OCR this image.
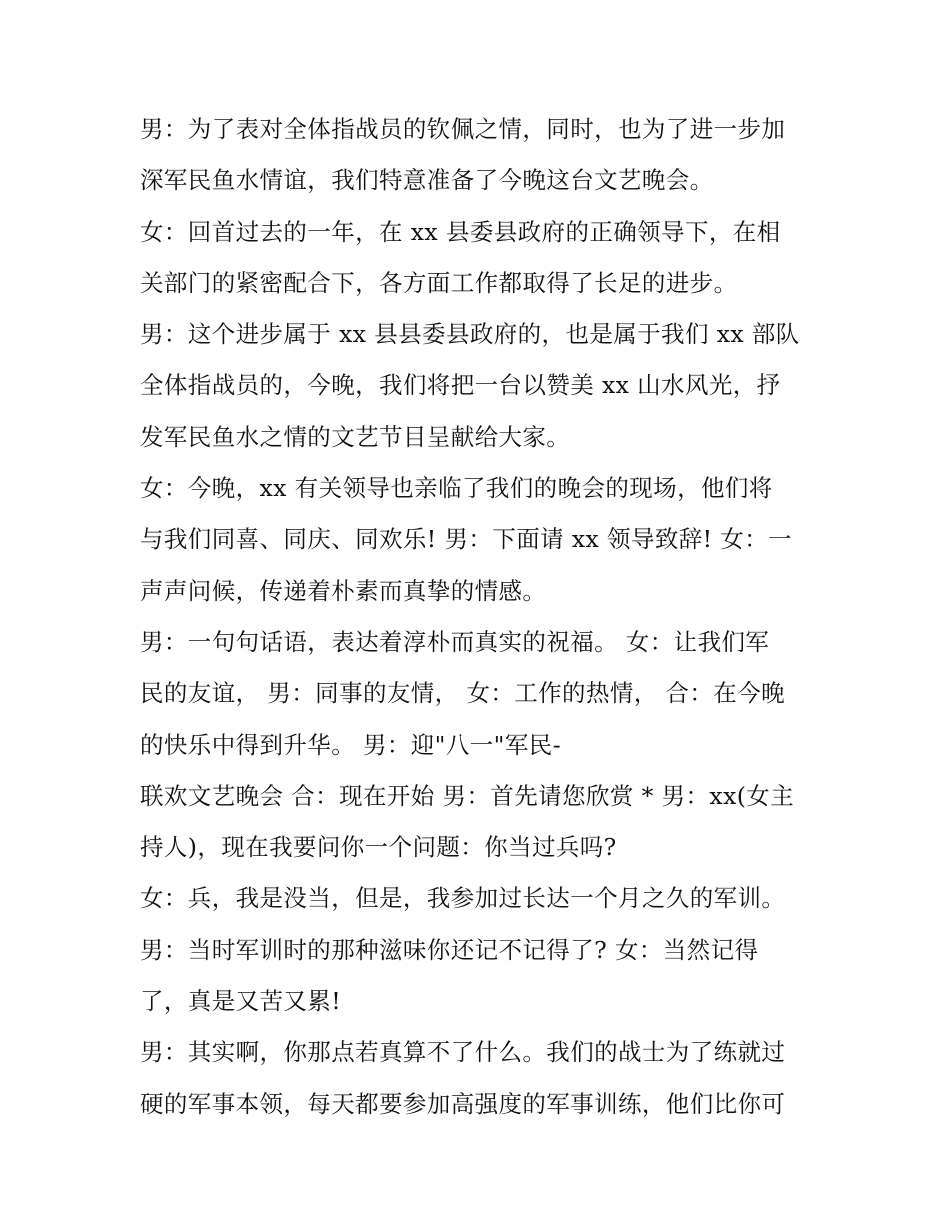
男：为了表对全体指战员的钦佩之情，同时，也为了进一步加
深军民鱼水情谊，我们特意准备了今晚这台文艺晚会。
女：回首过去的一年，在 xx 县委县政府的正确领导下，在相
关部门的紧密配合下，各方面工作都取得了长足的进步。
男：这个进步属于 xx 县县委县政府的，也是属于我们 xx 部队
全体指战员的，今晚，我们将把一台以赞美 xx 山水风光，抒
发军民鱼水之情的文艺节目呈献给大家。
女：今晚，xx 有关领导也亲临了我们的晚会的现场，他们将
与我们同喜、同庆、同欢乐! 男：下面请 xx 领导致辞! 女：一
声声问候，传递着朴素而真挚的情感。
男：一句句话语，表达着淳朴而真实的祝福。 女：让我们军
民的友谊， 男：同事的友情， 女：工作的热情， 合：在今晚
的快乐中得到升华。 男：迎"八一"军民-
联欢文艺晚会 合：现在开始 男：首先请您欣赏 * 男：xx(女主
持人)，现在我要问你一个问题：你当过兵吗?
女：兵，我是没当，但是，我参加过长达一个月之久的军训。
男：当时军训时的那种滋味你还记不记得了? 女：当然记得
了，真是又苦又累!
男：其实啊，你那点若真算不了什么。我们的战士为了练就过
硬的军事本领，每天都要参加高强度的军事训练，他们比你可
